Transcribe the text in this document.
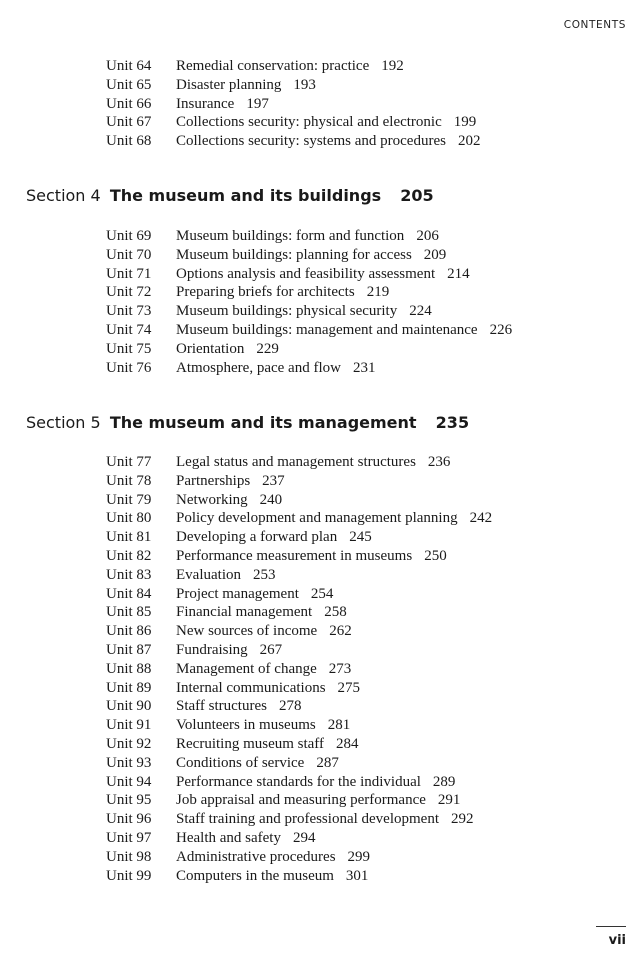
CONTENTS
Unit 64 Remedial conservation: practice 192
Unit 65 Disaster planning 193
Unit 66 Insurance 197
Unit 67 Collections security: physical and electronic 199
Unit 68 Collections security: systems and procedures 202
Section 4 The museum and its buildings 205
Unit 69 Museum buildings: form and function 206
Unit 70 Museum buildings: planning for access 209
Unit 71 Options analysis and feasibility assessment 214
Unit 72 Preparing briefs for architects 219
Unit 73 Museum buildings: physical security 224
Unit 74 Museum buildings: management and maintenance 226
Unit 75 Orientation 229
Unit 76 Atmosphere, pace and flow 231
Section 5 The museum and its management 235
Unit 77 Legal status and management structures 236
Unit 78 Partnerships 237
Unit 79 Networking 240
Unit 80 Policy development and management planning 242
Unit 81 Developing a forward plan 245
Unit 82 Performance measurement in museums 250
Unit 83 Evaluation 253
Unit 84 Project management 254
Unit 85 Financial management 258
Unit 86 New sources of income 262
Unit 87 Fundraising 267
Unit 88 Management of change 273
Unit 89 Internal communications 275
Unit 90 Staff structures 278
Unit 91 Volunteers in museums 281
Unit 92 Recruiting museum staff 284
Unit 93 Conditions of service 287
Unit 94 Performance standards for the individual 289
Unit 95 Job appraisal and measuring performance 291
Unit 96 Staff training and professional development 292
Unit 97 Health and safety 294
Unit 98 Administrative procedures 299
Unit 99 Computers in the museum 301
vii
